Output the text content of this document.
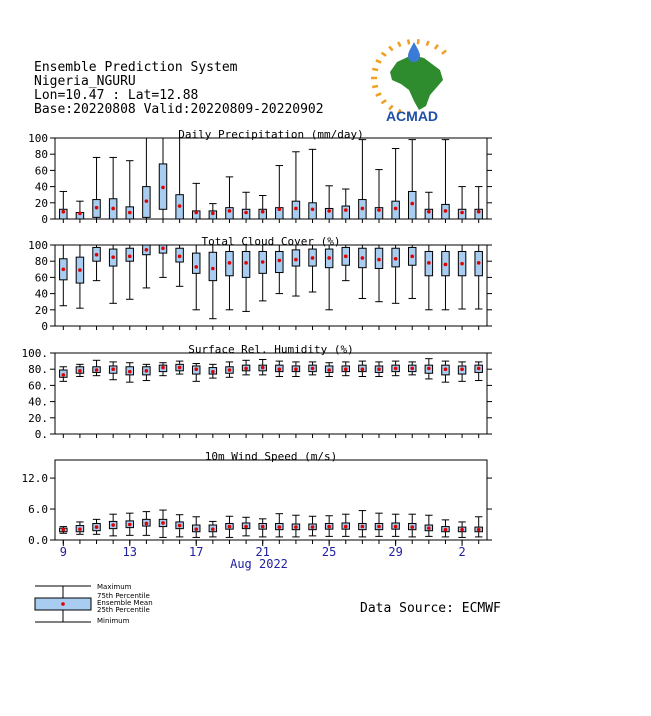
Ensemble Prediction System
Nigeria_NGURU
Lon=10.47 : Lat=12.88
Base:20220808 Valid:20220809-20220902	ACMAD
Daily Precipitation (mm/day)
0
20
40
60
80
100
Total Cloud Cover (%)
0
20
40
60
80
100
Surface Rel. Humidity (%)
0.
20.
40.
60.
80.
100.
10m Wind Speed (m/s)
0.0
6.0
12.0
9	13	17	21	25	29	2
Aug 2022
Maximum
75th Percentile
Ensemble Mean
25th Percentile
Minimum
Data Source: ECMWF
